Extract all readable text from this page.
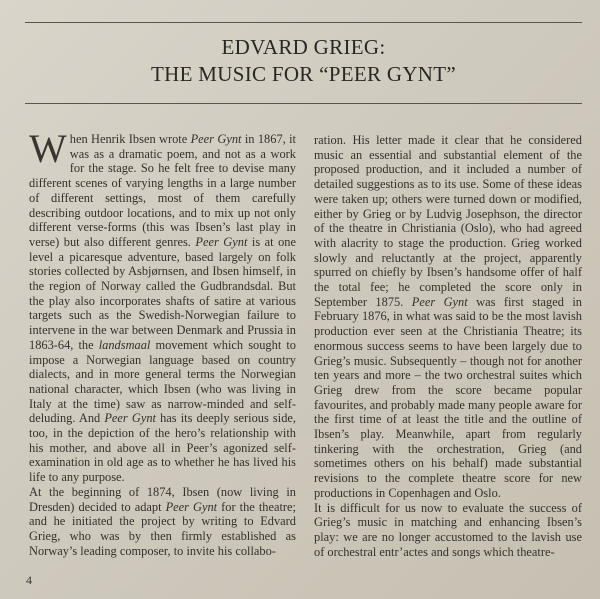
EDVARD GRIEG:
THE MUSIC FOR “PEER GYNT”

When Henrik Ibsen wrote Peer Gynt in 1867, it was as a dramatic poem, and not as a work for the stage. So he felt free to devise many different scenes of varying lengths in a large number of different settings, most of them carefully describing outdoor locations, and to mix up not only different verse-forms (this was Ibsen’s last play in verse) but also different genres. Peer Gynt is at one level a picaresque adventure, based largely on folk stories collected by Asbjørnsen, and Ibsen himself, in the region of Norway called the Gudbrandsdal. But the play also incorporates shafts of satire at various targets such as the Swedish-Norwegian failure to intervene in the war between Denmark and Prussia in 1863-64, the landsmaal movement which sought to impose a Norwegian language based on country dialects, and in more general terms the Norwegian national character, which Ibsen (who was living in Italy at the time) saw as narrow-minded and self-deluding. And Peer Gynt has its deeply serious side, too, in the depiction of the hero’s relationship with his mother, and above all in Peer’s agonized self-examination in old age as to whether he has lived his life to any purpose.

At the beginning of 1874, Ibsen (now living in Dresden) decided to adapt Peer Gynt for the theatre; and he initiated the project by writing to Edvard Grieg, who was by then firmly established as Norway’s leading composer, to invite his collabo-

ration. His letter made it clear that he considered music an essential and substantial element of the proposed production, and it included a number of detailed suggestions as to its use. Some of these ideas were taken up; others were turned down or modified, either by Grieg or by Ludvig Josephson, the director of the theatre in Christiania (Oslo), who had agreed with alacrity to stage the production. Grieg worked slowly and reluctantly at the project, apparently spurred on chiefly by Ibsen’s handsome offer of half the total fee; he completed the score only in September 1875. Peer Gynt was first staged in February 1876, in what was said to be the most lavish production ever seen at the Christiania Theatre; its enormous success seems to have been largely due to Grieg’s music. Subsequently – though not for another ten years and more – the two orchestral suites which Grieg drew from the score became popular favourites, and probably made many people aware for the first time of at least the title and the outline of Ibsen’s play. Meanwhile, apart from regularly tinkering with the orchestration, Grieg (and sometimes others on his behalf) made substantial revisions to the complete theatre score for new productions in Copenhagen and Oslo.

It is difficult for us now to evaluate the success of Grieg’s music in matching and enhancing Ibsen’s play: we are no longer accustomed to the lavish use of orchestral entr’actes and songs which theatre-

4
